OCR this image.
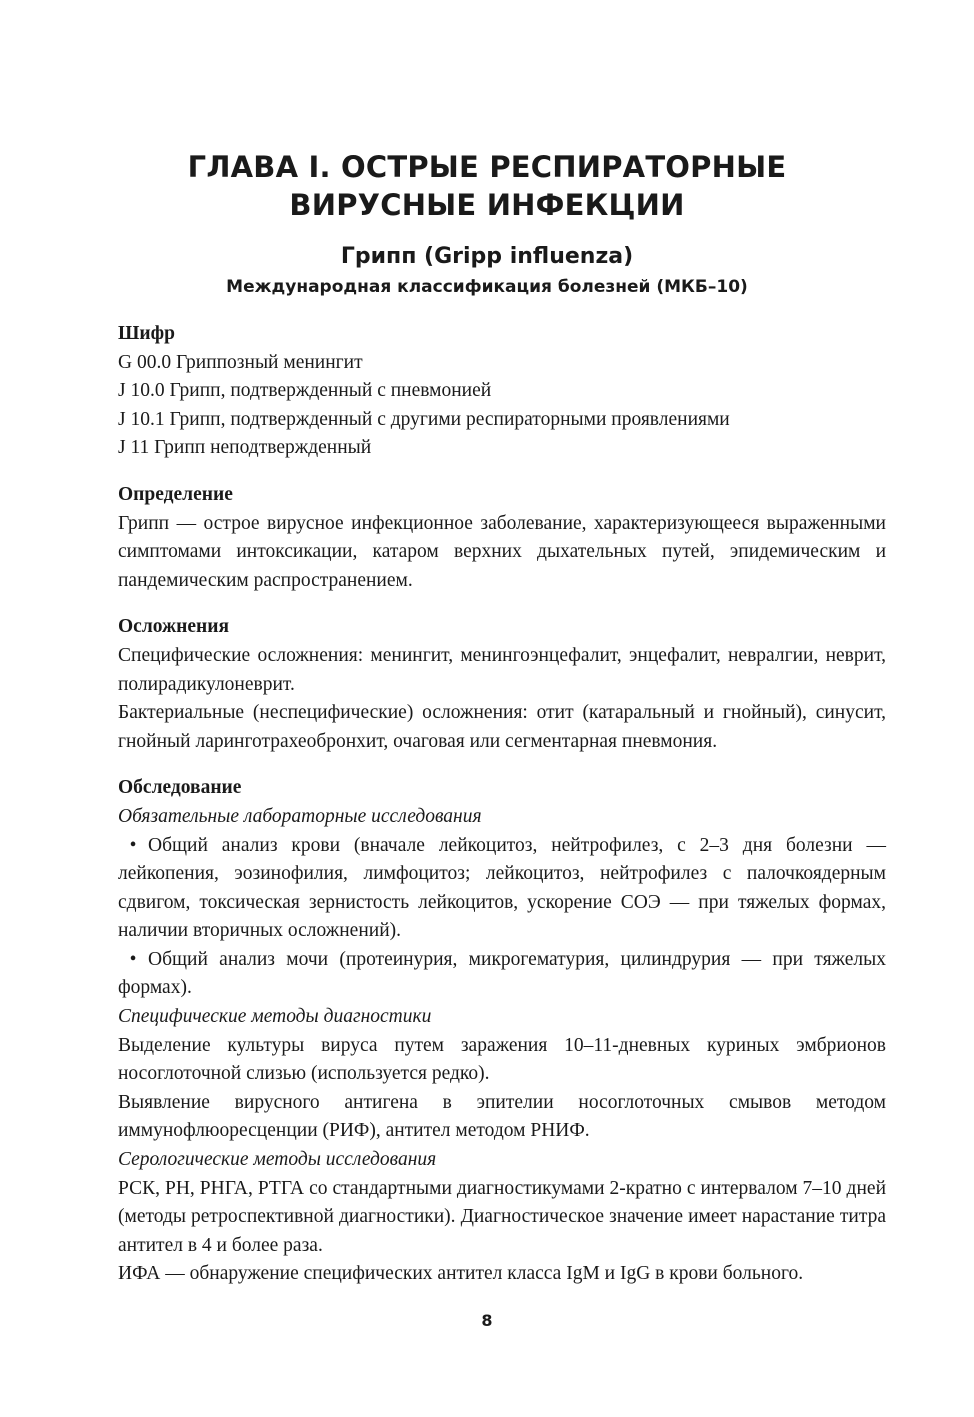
ГЛАВА I. ОСТРЫЕ РЕСПИРАТОРНЫЕ
ВИРУСНЫЕ ИНФЕКЦИИ
Грипп (Gripp influenza)
Международная классификация болезней (МКБ–10)

Шифр

G 00.0 Гриппозный менингит

J 10.0 Грипп, подтвержденный с пневмонией

J 10.1 Грипп, подтвержденный с другими респираторными проявлениями

J 11 Грипп неподтвержденный

Определение

Грипп — острое вирусное инфекционное заболевание, характеризующееся выраженными симптомами интоксикации, катаром верхних дыхательных путей, эпидемическим и пандемическим распространением.

Осложнения

Специфические осложнения: менингит, менингоэнцефалит, энцефалит, невралгии, неврит, полирадикулоневрит.

Бактериальные (неспецифические) осложнения: отит (катаральный и гнойный), синусит, гнойный ларинготрахеобронхит, очаговая или сегментарная пневмония.

Обследование

Обязательные лабораторные исследования

• Общий анализ крови (вначале лейкоцитоз, нейтрофилез, с 2–3 дня болезни — лейкопения, эозинофилия, лимфоцитоз; лейкоцитоз, нейтрофилез с палочкоядерным сдвигом, токсическая зернистость лейкоцитов, ускорение СОЭ — при тяжелых формах, наличии вторичных осложнений).

• Общий анализ мочи (протеинурия, микрогематурия, цилиндрурия — при тяжелых формах).

Специфические методы диагностики

Выделение культуры вируса путем заражения 10–11-дневных куриных эмбрионов носоглоточной слизью (используется редко).

Выявление вирусного антигена в эпителии носоглоточных смывов методом иммунофлюоресценции (РИФ), антител методом РНИФ.

Серологические методы исследования

РСК, РН, РНГА, РТГА со стандартными диагностикумами 2-кратно с интервалом 7–10 дней (методы ретроспективной диагностики). Диагностическое значение имеет нарастание титра антител в 4 и более раза.

ИФА — обнаружение специфических антител класса IgM и IgG в крови больного.

8
